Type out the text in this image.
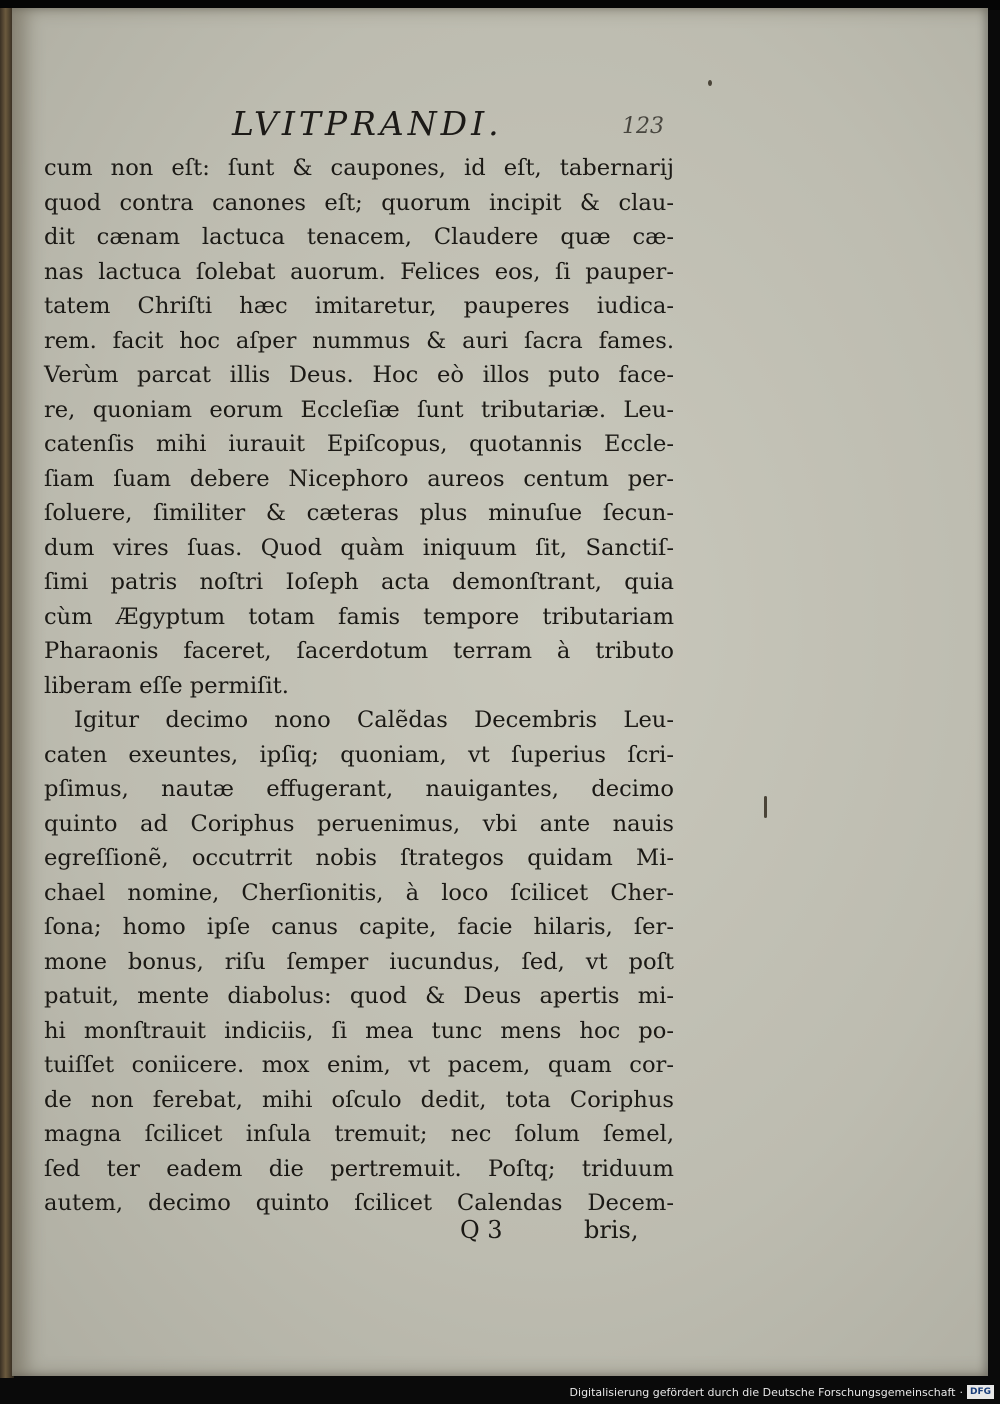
LVITPRANDI.	123
cum non eſt: ſunt & caupones, id eſt, tabernarij
quod contra canones eſt; quorum incipit & clau-
dit cænam lactuca tenacem, Claudere quæ cæ-
nas lactuca ſolebat auorum. Felices eos, ſi pauper-
tatem Chriſti hæc imitaretur, pauperes iudica-
rem. facit hoc aſper nummus & auri ſacra fames.
Verùm parcat illis Deus. Hoc eò illos puto face-
re, quoniam eorum Eccleſiæ ſunt tributariæ. Leu-
catenſis mihi iurauit Epiſcopus, quotannis Eccle-
ſiam ſuam debere Nicephoro aureos centum per-
ſoluere, ſimiliter & cæteras plus minuſue ſecun-
dum vires ſuas. Quod quàm iniquum ſit, Sanctiſ-
ſimi patris noſtri Ioſeph acta demonſtrant, quia
cùm Ægyptum totam famis tempore tributariam
Pharaonis faceret, ſacerdotum terram à tributo
liberam eſſe permiſit.
Igitur decimo nono Calẽdas Decembris Leu-
caten exeuntes, ipſiq; quoniam, vt ſuperius ſcri-
pſimus, nautæ effugerant, nauigantes, decimo
quinto ad Coriphus peruenimus, vbi ante nauis
egreſſionẽ, occutrrit nobis ſtrategos quidam Mi-
chael nomine, Cherſionitis, à loco ſcilicet Cher-
ſona; homo ipſe canus capite, facie hilaris, ſer-
mone bonus, riſu ſemper iucundus, ſed, vt poſt
patuit, mente diabolus: quod & Deus apertis mi-
hi monſtrauit indiciis, ſi mea tunc mens hoc po-
tuiſſet coniicere. mox enim, vt pacem, quam cor-
de non ferebat, mihi oſculo dedit, tota Coriphus
magna ſcilicet inſula tremuit; nec ſolum ſemel,
ſed ter eadem die pertremuit. Poſtq; triduum
autem, decimo quinto ſcilicet Calendas Decem-
Q 3	bris,
Digitalisierung gefördert durch die Deutsche Forschungsgemeinschaft · DFG
